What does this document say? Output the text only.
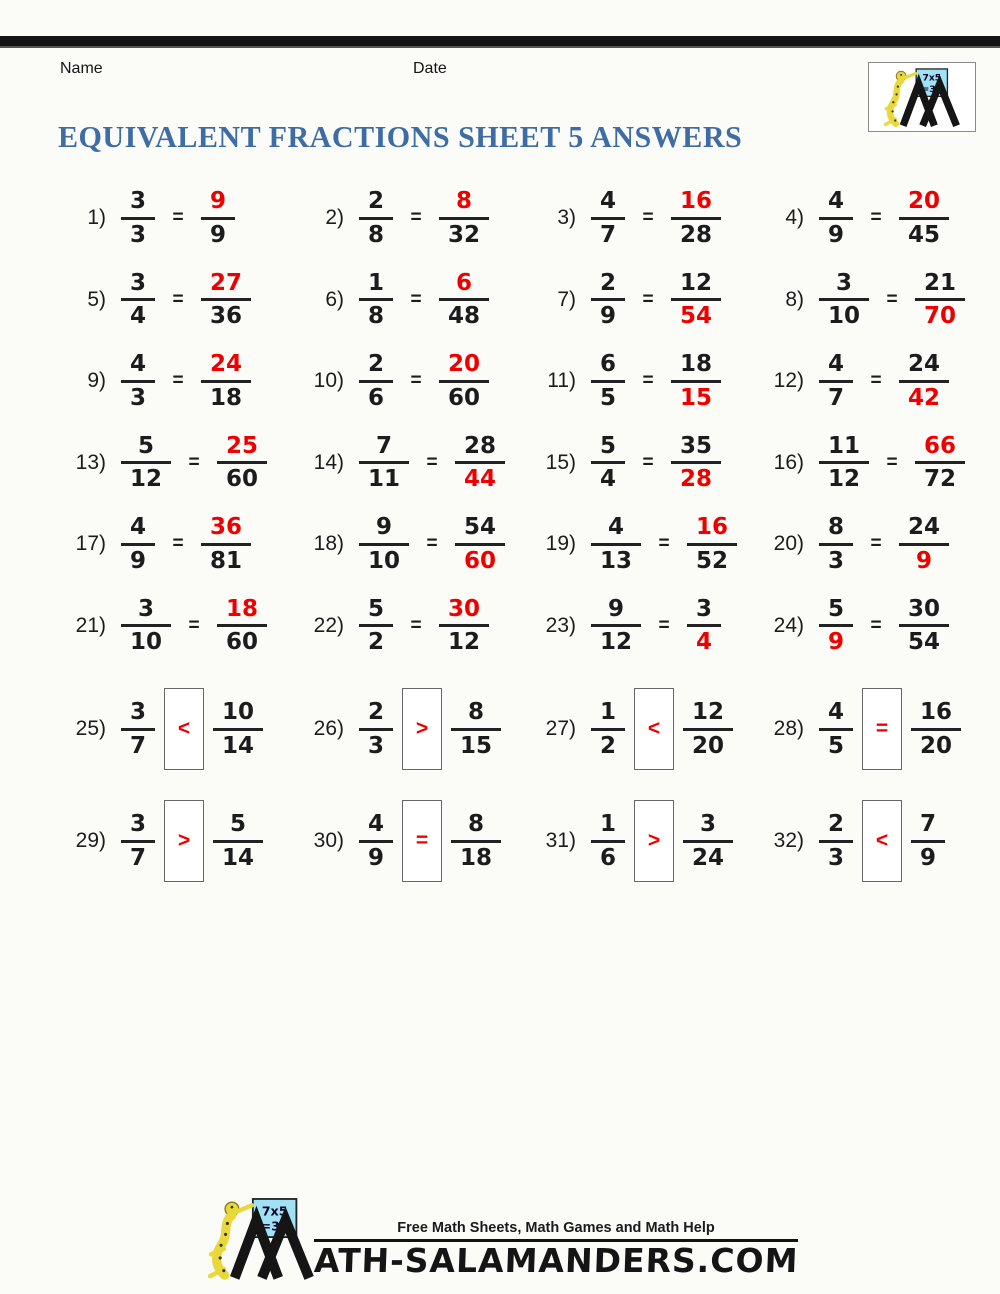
Name	Date
EQUIVALENT FRACTIONS SHEET 5 ANSWERS
$1) \frac{3}{3} = \frac{9}{9}$	$2) \frac{2}{8} = \frac{8}{32}$	$3) \frac{4}{7} = \frac{16}{28}$	$4) \frac{4}{9} = \frac{20}{45}$
$5) \frac{3}{4} = \frac{27}{36}$	$6) \frac{1}{8} = \frac{6}{48}$	$7) \frac{2}{9} = \frac{12}{54}$	$8) \frac{3}{10} = \frac{21}{70}$
$9) \frac{4}{3} = \frac{24}{18}$	$10) \frac{2}{6} = \frac{20}{60}$	$11) \frac{6}{5} = \frac{18}{15}$	$12) \frac{4}{7} = \frac{24}{42}$
$13) \frac{5}{12} = \frac{25}{60}$	$14) \frac{7}{11} = \frac{28}{44}$	$15) \frac{5}{4} = \frac{35}{28}$	$16) \frac{11}{12} = \frac{66}{72}$
$17) \frac{4}{9} = \frac{36}{81}$	$18) \frac{9}{10} = \frac{54}{60}$	$19) \frac{4}{13} = \frac{16}{52}$	$20) \frac{8}{3} = \frac{24}{9}$
$21) \frac{3}{10} = \frac{18}{60}$	$22) \frac{5}{2} = \frac{30}{12}$	$23) \frac{9}{12} = \frac{3}{4}$	$24) \frac{5}{9} = \frac{30}{54}$
$25) \frac{3}{7} < \frac{10}{14}$	$26) \frac{2}{3} > \frac{8}{15}$	$27) \frac{1}{2} < \frac{12}{20}$	$28) \frac{4}{5} = \frac{16}{20}$
$29) \frac{3}{7} > \frac{5}{14}$	$30) \frac{4}{9} = \frac{8}{18}$	$31) \frac{1}{6} > \frac{3}{24}$	$32) \frac{2}{3} < \frac{7}{9}$
Free Math Sheets, Math Games and Math Help
ATH-SALAMANDERS.COM
